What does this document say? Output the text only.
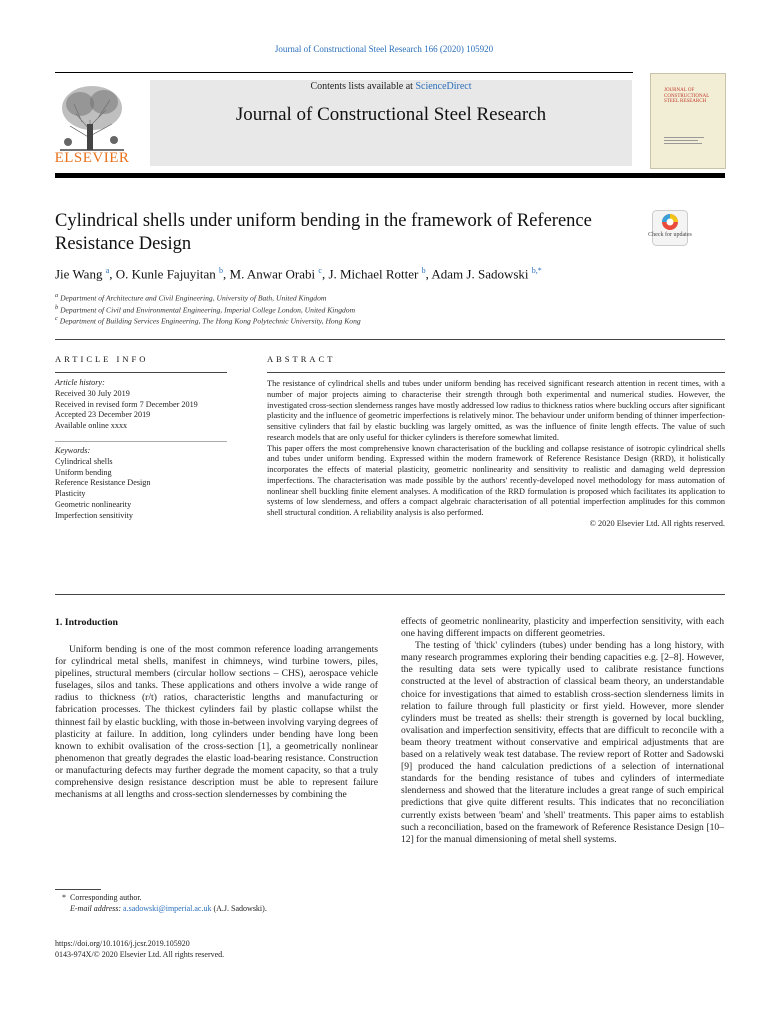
Journal of Constructional Steel Research 166 (2020) 105920
Contents lists available at ScienceDirect
Journal of Constructional Steel Research
ELSEVIER
JOURNAL OF CONSTRUCTIONAL STEEL RESEARCH
Cylindrical shells under uniform bending in the framework of Reference Resistance Design	Check for updates
Jie Wang $^a$, O. Kunle Fajuyitan $^b$, M. Anwar Orabi $^c$, J. Michael Rotter $^b$, Adam J. Sadowski $^{b,*}$
$^a$ Department of Architecture and Civil Engineering, University of Bath, United Kingdom
$^b$ Department of Civil and Environmental Engineering, Imperial College London, United Kingdom
$^c$ Department of Building Services Engineering, The Hong Kong Polytechnic University, Hong Kong
ARTICLE INFO
Article history:
Received 30 July 2019
Received in revised form 7 December 2019
Accepted 23 December 2019
Available online xxxx
Keywords:
Cylindrical shells
Uniform bending
Reference Resistance Design
Plasticity
Geometric nonlinearity
Imperfection sensitivity
ABSTRACT
The resistance of cylindrical shells and tubes under uniform bending has received significant research attention in recent times, with a number of major projects aiming to characterise their strength through both experimental and numerical studies. However, the investigated cross-section slenderness ranges have mostly addressed low radius to thickness ratios where buckling occurs after significant plasticity and the influence of geometric imperfections is relatively minor. The behaviour under uniform bending of thinner imperfection-sensitive cylinders that fail by elastic buckling was largely omitted, as was the influence of finite length effects. The value of such research models that are only useful for thicker cylinders is therefore somewhat limited.
This paper offers the most comprehensive known characterisation of the buckling and collapse resistance of isotropic cylindrical shells and tubes under uniform bending. Expressed within the modern framework of Reference Resistance Design (RRD), it holistically incorporates the effects of material plasticity, geometric nonlinearity and sensitivity to realistic and damaging weld depression imperfections. The characterisation was made possible by the authors' recently-developed novel methodology for mass automation of nonlinear shell buckling finite element analyses. A modification of the RRD formulation is proposed which facilitates its application to systems of low slenderness, and offers a compact algebraic characterisation of all potential imperfection amplitudes for this common shell structural condition. A reliability analysis is also performed.
© 2020 Elsevier Ltd. All rights reserved.
1. Introduction
Uniform bending is one of the most common reference loading arrangements for cylindrical metal shells, manifest in chimneys, wind turbine towers, piles, pipelines, structural members (circular hollow sections – CHS), aerospace vehicle fuselages, silos and tanks. These applications and others involve a wide range of radius to thickness (r/t) ratios, characteristic lengths and manufacturing or fabrication processes. The thickest cylinders fail by plastic collapse whilst the thinnest fail by elastic buckling, with those in-between involving varying degrees of plasticity at failure. In addition, long cylinders under bending have long been known to exhibit ovalisation of the cross-section [1], a geometrically nonlinear phenomenon that greatly degrades the elastic load-bearing resistance. Construction or manufacturing defects may further degrade the moment capacity, so that a truly comprehensive design resistance description must be able to represent failure mechanisms at all lengths and cross-section slendernesses by combining the
effects of geometric nonlinearity, plasticity and imperfection sensitivity, with each one having different impacts on different geometries.
The testing of 'thick' cylinders (tubes) under bending has a long history, with many research programmes exploring their bending capacities e.g. [2–8]. However, the resulting data sets were typically used to calibrate resistance functions constructed at the level of abstraction of classical beam theory, an understandable choice for investigations that aimed to establish cross-section slenderness limits in relation to failure through full plasticity or first yield. However, more slender cylinders must be treated as shells: their strength is governed by local buckling, ovalisation and imperfection sensitivity, effects that are difficult to reconcile with a beam theory treatment without conservative and empirical adjustments that are based on a relatively weak test database. The review report of Rotter and Sadowski [9] produced the hand calculation predictions of a selection of international standards for the bending resistance of tubes and cylinders of intermediate slenderness and showed that the literature includes a great range of such empirical predictions that give quite different results. This indicates that no reconciliation currently exists between 'beam' and 'shell' treatments. This paper aims to establish such a reconciliation, based on the framework of Reference Resistance Design [10–12] for the manual dimensioning of metal shell systems.
* Corresponding author.
E-mail address: a.sadowski@imperial.ac.uk (A.J. Sadowski).
https://doi.org/10.1016/j.jcsr.2019.105920
0143-974X/© 2020 Elsevier Ltd. All rights reserved.
